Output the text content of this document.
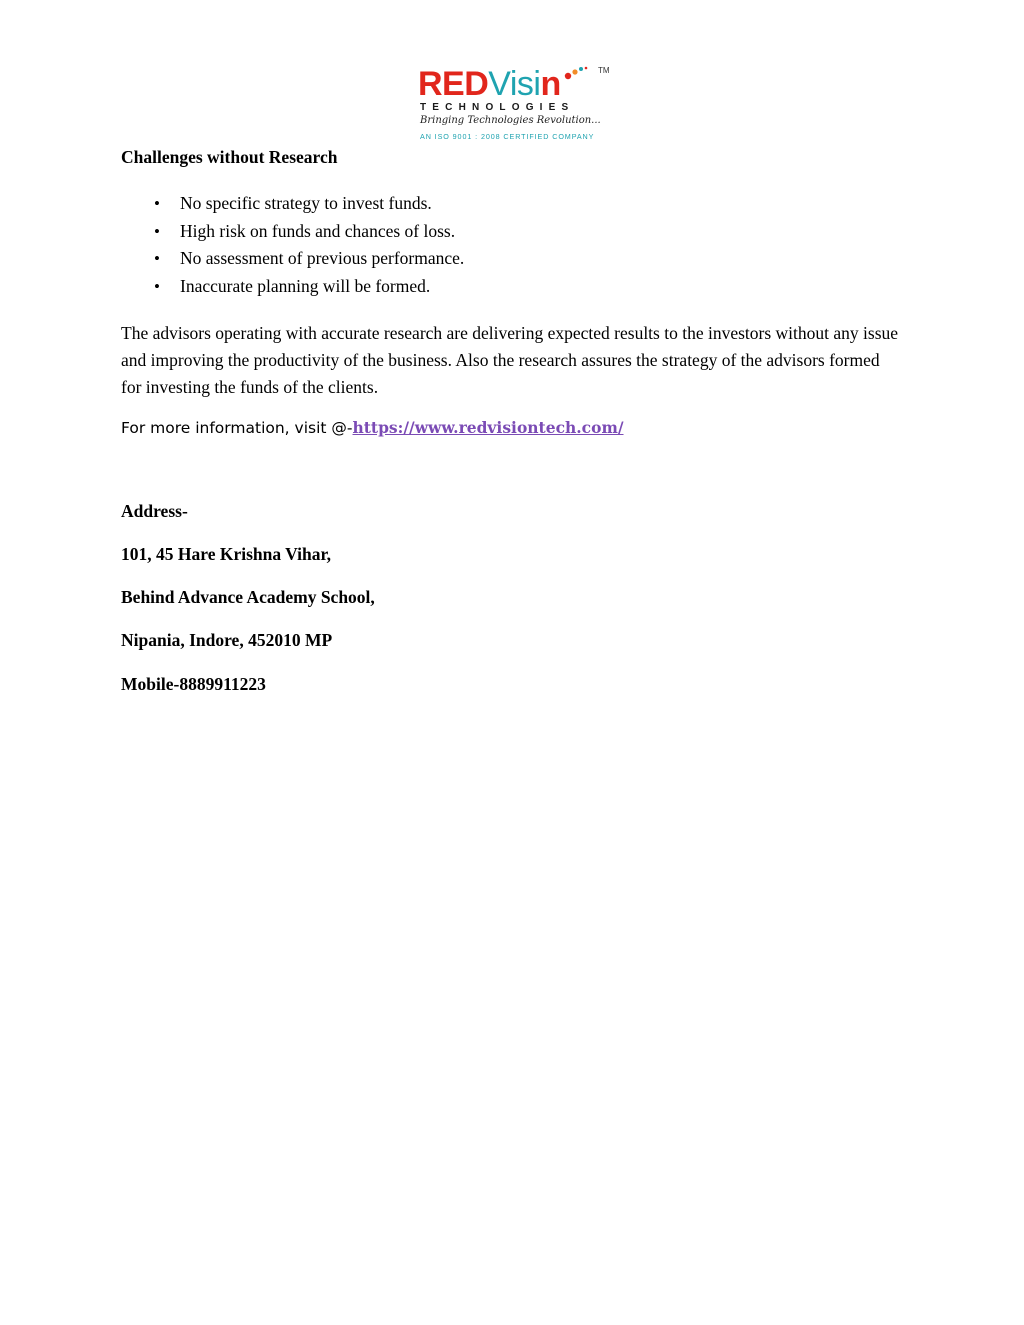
REDVisin	TM
TECHNOLOGIES
Bringing Technologies Revolution...
AN ISO 9001 : 2008 CERTIFIED COMPANY
Challenges without Research
• No specific strategy to invest funds.
• High risk on funds and chances of loss.
• No assessment of previous performance.
• Inaccurate planning will be formed.

The advisors operating with accurate research are delivering expected results to the investors without any issue and improving the productivity of the business. Also the research assures the strategy of the advisors formed for investing the funds of the clients.

For more information, visit @-https://www.redvisiontech.com/

Address-

101, 45 Hare Krishna Vihar,

Behind Advance Academy School,

Nipania, Indore, 452010 MP

Mobile-8889911223
